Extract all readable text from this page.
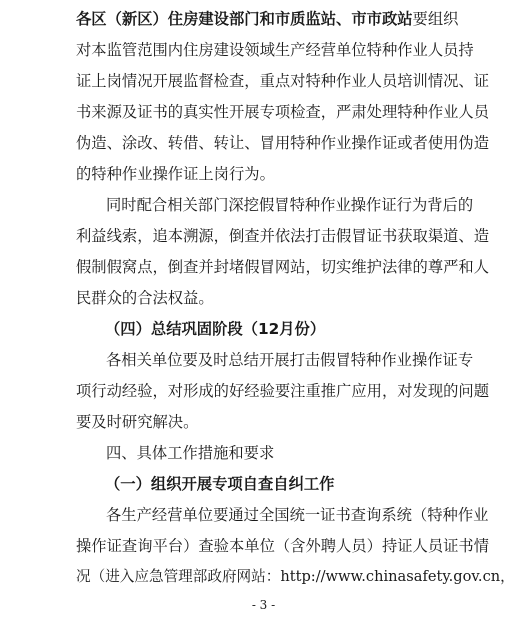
各区（新区）住房建设部门和市质监站、市市政站要组织
对本监管范围内住房建设领域生产经营单位特种作业人员持
证上岗情况开展监督检查，重点对特种作业人员培训情况、证
书来源及证书的真实性开展专项检查，严肃处理特种作业人员
伪造、涂改、转借、转让、冒用特种作业操作证或者使用伪造
的特种作业操作证上岗行为。
同时配合相关部门深挖假冒特种作业操作证行为背后的
利益线索，追本溯源，倒查并依法打击假冒证书获取渠道、造
假制假窝点，倒查并封堵假冒网站，切实维护法律的尊严和人
民群众的合法权益。
（四）总结巩固阶段（12月份）
各相关单位要及时总结开展打击假冒特种作业操作证专
项行动经验，对形成的好经验要注重推广应用，对发现的问题
要及时研究解决。
四、具体工作措施和要求
（一）组织开展专项自查自纠工作
各生产经营单位要通过全国统一证书查询系统（特种作业
操作证查询平台）查验本单位（含外聘人员）持证人员证书情
况（进入应急管理部政府网站：http://www.chinasafety.gov.cn，
- 3 -
